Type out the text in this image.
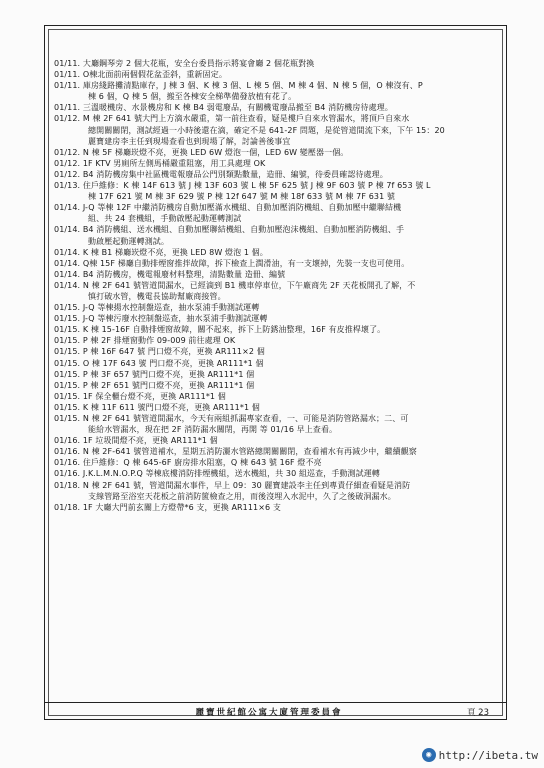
01/11. 大廳鋼琴旁 2 個大花瓶，安全台委員指示將宴會廳 2 個花瓶對換
01/11. O棟北面前兩個假花盆歪斜，重新固定。
01/11. 庫房綫路攤清點庫存，J 棟 3 個、K 棟 3 個、L 棟 5 個、M 棟 4 個、N 棟 5 個，O 棟沒有、P
棟 6 個，Q 棟 5 個，搬至各棟安全梯準備發放植有花了。
01/11. 三溫暖機房、水景機房和 K 棟 B4 弱電廢品，有關機電廢品搬至 B4 消防機房待處理。
01/12. M 棟 2F 641 號大門上方滴水嚴重，第一前往查看，疑是樓戶自來水管漏水，將頂戶自來水
總開關關閉，測試經過一小時後還在滴，確定不是 641-2F 問題，是從管道間流下來，下午 15：20
麗寶建房李主任到現場查看也到現場了解，討論善後事宜
01/12. N 棟 5F 梯廳崁燈不亮，更換 LED 6W 燈泡一個，LED 6W 變壓器一個。
01/12. 1F KTV 男廁所左側馬桶嚴重阻塞，用工具處理 OK
01/12. B4 消防機房集中社區機電報廢品公門別類點數量，造冊、編號，待委員確認待處理。
01/13. 住戶維修：K 棟 14F 613 號 J 棟 13F 603 號 L 棟 5F 625 號 J 棟 9F 603 號 P 棟 7f 653 號 L
棟 17F 621 號 M 棟 3F 629 號 P 棟 12f 647 號 M 棟 18f 633 號 M 棟 7F 631 號
01/14. J-Q 等棟 12F 中繼消防機房自動加壓滿水機組、自動加壓消防機組、自動加壓中繼聯結機
組、共 24 套機組，手動啟壓起動運轉測試
01/14. B4 消防機組、送水機組、自動加壓聯結機組、自動加壓泡沫機組、自動加壓消防機組、手
動啟壓起動運轉測試。
01/14. K 棟 B1 梯廳崁燈不亮，更換 LED 8W 燈泡 1 個。
01/14. Q棟 15F 梯廳自動排煙窗推拌故障，拆下檢查上潤滑油，有一支壞掉，先裝一支也可使用。
01/14. B4 消防機房，機電報廢材料整理，清點數量 造冊、編號
01/14. N 棟 2F 641 號管道間漏水，已經滴到 B1 機車停車位，下午廠商先 2F 天花板開孔了解，不
慎打破水管，機電長協助幫廠商接管。
01/15. J-Q 等棟揚水控制盤巡查，抽水泵浦手動測試運轉
01/15. J-Q 等棟污廢水控制盤巡查，抽水泵浦手動測試運轉
01/15. K 棟 15-16F 自動排煙窗故障，關不起來，拆下上防銹油整理，16F 有皮推桿壞了。
01/15. P 棟 2F 排煙窗動作 09-009 前往處理 OK
01/15. P 棟 16F 647 號 門口燈不亮，更換 AR111×2 個
01/15. O 棟 17F 643 號 門口燈不亮，更換 AR111*1 個
01/15. P 棟 3F 657 號門口燈不亮，更換 AR111*1 個
01/15. P 棟 2F 651 號門口燈不亮，更換 AR111*1 個
01/15. 1F 保全櫃台燈不亮，更換 AR111*1 個
01/15. K 棟 11F 611 號門口燈不亮，更換 AR111*1 個
01/15. N 棟 2F 641 號管道間漏水，今天有兩組抓漏專家查看，一、可能是消防管路漏水；二、可
能給水管漏水，現在把 2F 消防漏水關閉，再開 等 01/16 早上查看。
01/16. 1F 垃圾間燈不亮，更換 AR111*1 個
01/16. N 棟 2F-641 號管道補水，星期五消防灑水管路總開關關閉，查看補水有再減少中，繼續觀察
01/16. 住戶維修：Q 棟 645-6F 廚房排水阻塞，Q 棟 643 號 16F 燈不亮
01/16. J.K.L.M.N.O.P.Q 等棟底樓消防排煙機組，送水機組，共 30 組巡查，手動測試運轉
01/18. N 棟 2F 641 號，管道間漏水事件，早上 09：30 麗寶建設李主任到專責仔細查看疑是消防
支線管路至浴室天花板之前消防篋檢查之用，而後沒埋入水泥中，久了之後破洞漏水。
01/18. 1F 大廳大門前玄關上方燈帶*6 支，更換 AR111×6 支
麗寶世紀館公寓大廈管理委員會	頁 23
◉ http://ibeta.tw
